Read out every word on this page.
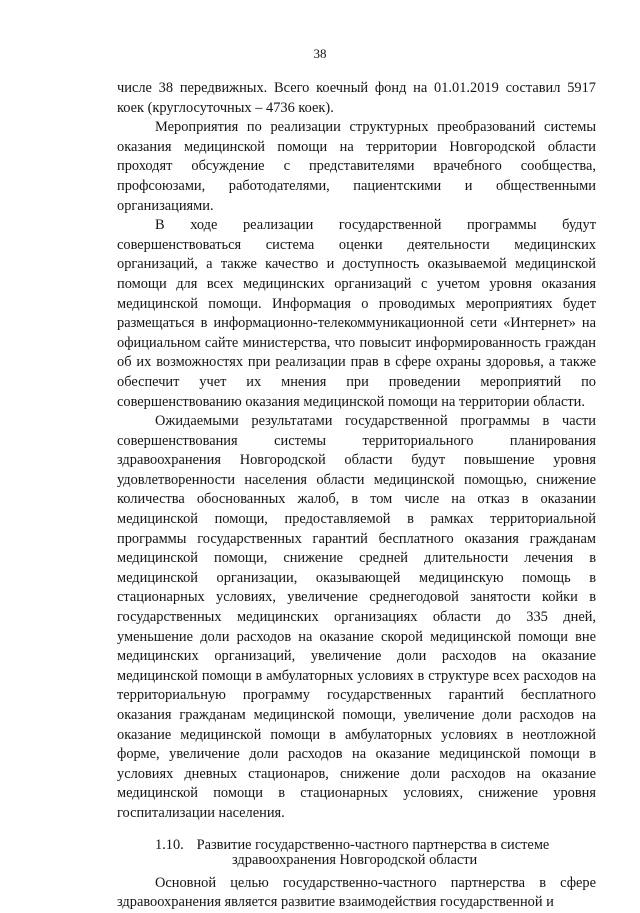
38

числе 38 передвижных. Всего коечный фонд на 01.01.2019 составил 5917 коек (круглосуточных – 4736 коек).

Мероприятия по реализации структурных преобразований системы оказания медицинской помощи на территории Новгородской области проходят обсуждение с представителями врачебного сообщества, профсоюзами, работодателями, пациентскими и общественными организациями.

В ходе реализации государственной программы будут совершенствоваться система оценки деятельности медицинских организаций, а также качество и доступность оказываемой медицинской помощи для всех медицинских организаций с учетом уровня оказания медицинской помощи. Информация о проводимых мероприятиях будет размещаться в информационно-телекоммуникационной сети «Интернет» на официальном сайте министерства, что повысит информированность граждан об их возможностях при реализации прав в сфере охраны здоровья, а также обеспечит учет их мнения при проведении мероприятий по совершенствованию оказания медицинской помощи на территории области.

Ожидаемыми результатами государственной программы в части совершенствования системы территориального планирования здравоохранения Новгородской области будут повышение уровня удовлетворенности населения области медицинской помощью, снижение количества обоснованных жалоб, в том числе на отказ в оказании медицинской помощи, предоставляемой в рамках территориальной программы государственных гарантий бесплатного оказания гражданам медицинской помощи, снижение средней длительности лечения в медицинской организации, оказывающей медицинскую помощь в стационарных условиях, увеличение среднегодовой занятости койки в государственных медицинских организациях области до 335 дней, уменьшение доли расходов на оказание скорой медицинской помощи вне медицинских организаций, увеличение доли расходов на оказание медицинской помощи в амбулаторных условиях в структуре всех расходов на территориальную программу государственных гарантий бесплатного оказания гражданам медицинской помощи, увеличение доли расходов на оказание медицинской помощи в амбулаторных условиях в неотложной форме, увеличение доли расходов на оказание медицинской помощи в условиях дневных стационаров, снижение доли расходов на оказание медицинской помощи в стационарных условиях, снижение уровня госпитализации населения.

1.10. Развитие государственно-частного партнерства в системе
здравоохранения Новгородской области

Основной целью государственно-частного партнерства в сфере здравоохранения является развитие взаимодействия государственной и
